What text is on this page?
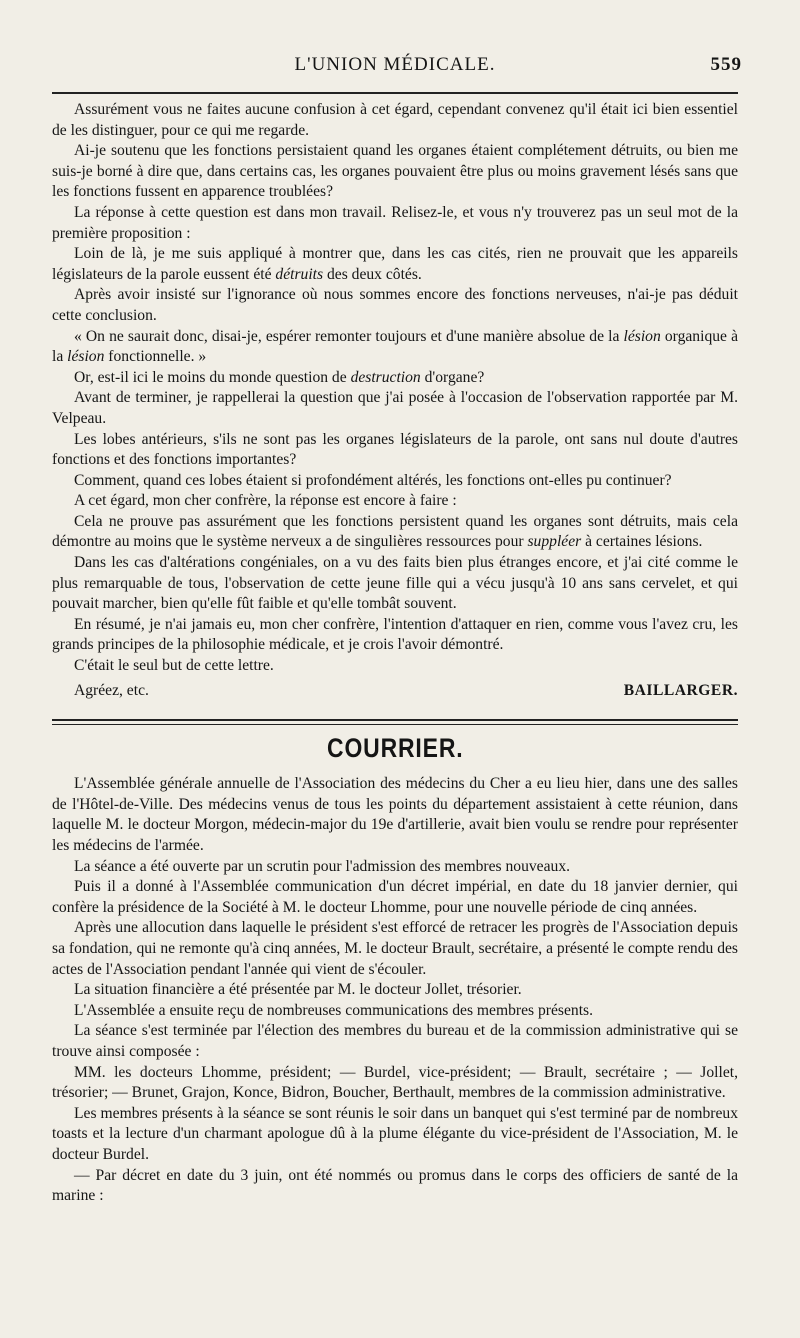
L'UNION MÉDICALE.	559

Assurément vous ne faites aucune confusion à cet égard, cependant convenez qu'il était ici bien essentiel de les distinguer, pour ce qui me regarde.

Ai-je soutenu que les fonctions persistaient quand les organes étaient complétement détruits, ou bien me suis-je borné à dire que, dans certains cas, les organes pouvaient être plus ou moins gravement lésés sans que les fonctions fussent en apparence troublées?

La réponse à cette question est dans mon travail. Relisez-le, et vous n'y trouverez pas un seul mot de la première proposition :

Loin de là, je me suis appliqué à montrer que, dans les cas cités, rien ne prouvait que les appareils législateurs de la parole eussent été détruits des deux côtés.

Après avoir insisté sur l'ignorance où nous sommes encore des fonctions nerveuses, n'ai-je pas déduit cette conclusion.

« On ne saurait donc, disai-je, espérer remonter toujours et d'une manière absolue de la lésion organique à la lésion fonctionnelle. »

Or, est-il ici le moins du monde question de destruction d'organe?

Avant de terminer, je rappellerai la question que j'ai posée à l'occasion de l'observation rapportée par M. Velpeau.

Les lobes antérieurs, s'ils ne sont pas les organes législateurs de la parole, ont sans nul doute d'autres fonctions et des fonctions importantes?

Comment, quand ces lobes étaient si profondément altérés, les fonctions ont-elles pu continuer?

A cet égard, mon cher confrère, la réponse est encore à faire :

Cela ne prouve pas assurément que les fonctions persistent quand les organes sont détruits, mais cela démontre au moins que le système nerveux a de singulières ressources pour suppléer à certaines lésions.

Dans les cas d'altérations congéniales, on a vu des faits bien plus étranges encore, et j'ai cité comme le plus remarquable de tous, l'observation de cette jeune fille qui a vécu jusqu'à 10 ans sans cervelet, et qui pouvait marcher, bien qu'elle fût faible et qu'elle tombât souvent.

En résumé, je n'ai jamais eu, mon cher confrère, l'intention d'attaquer en rien, comme vous l'avez cru, les grands principes de la philosophie médicale, et je crois l'avoir démontré.

C'était le seul but de cette lettre.

Agréez, etc.	BAILLARGER.
COURRIER.

L'Assemblée générale annuelle de l'Association des médecins du Cher a eu lieu hier, dans une des salles de l'Hôtel-de-Ville. Des médecins venus de tous les points du département assistaient à cette réunion, dans laquelle M. le docteur Morgon, médecin-major du 19e d'artillerie, avait bien voulu se rendre pour représenter les médecins de l'armée.

La séance a été ouverte par un scrutin pour l'admission des membres nouveaux.

Puis il a donné à l'Assemblée communication d'un décret impérial, en date du 18 janvier dernier, qui confère la présidence de la Société à M. le docteur Lhomme, pour une nouvelle période de cinq années.

Après une allocution dans laquelle le président s'est efforcé de retracer les progrès de l'Association depuis sa fondation, qui ne remonte qu'à cinq années, M. le docteur Brault, secrétaire, a présenté le compte rendu des actes de l'Association pendant l'année qui vient de s'écouler.

La situation financière a été présentée par M. le docteur Jollet, trésorier.

L'Assemblée a ensuite reçu de nombreuses communications des membres présents.

La séance s'est terminée par l'élection des membres du bureau et de la commission administrative qui se trouve ainsi composée :

MM. les docteurs Lhomme, président; — Burdel, vice-président; — Brault, secrétaire ; — Jollet, trésorier; — Brunet, Grajon, Konce, Bidron, Boucher, Berthault, membres de la commission administrative.

Les membres présents à la séance se sont réunis le soir dans un banquet qui s'est terminé par de nombreux toasts et la lecture d'un charmant apologue dû à la plume élégante du vice-président de l'Association, M. le docteur Burdel.

— Par décret en date du 3 juin, ont été nommés ou promus dans le corps des officiers de santé de la marine :
